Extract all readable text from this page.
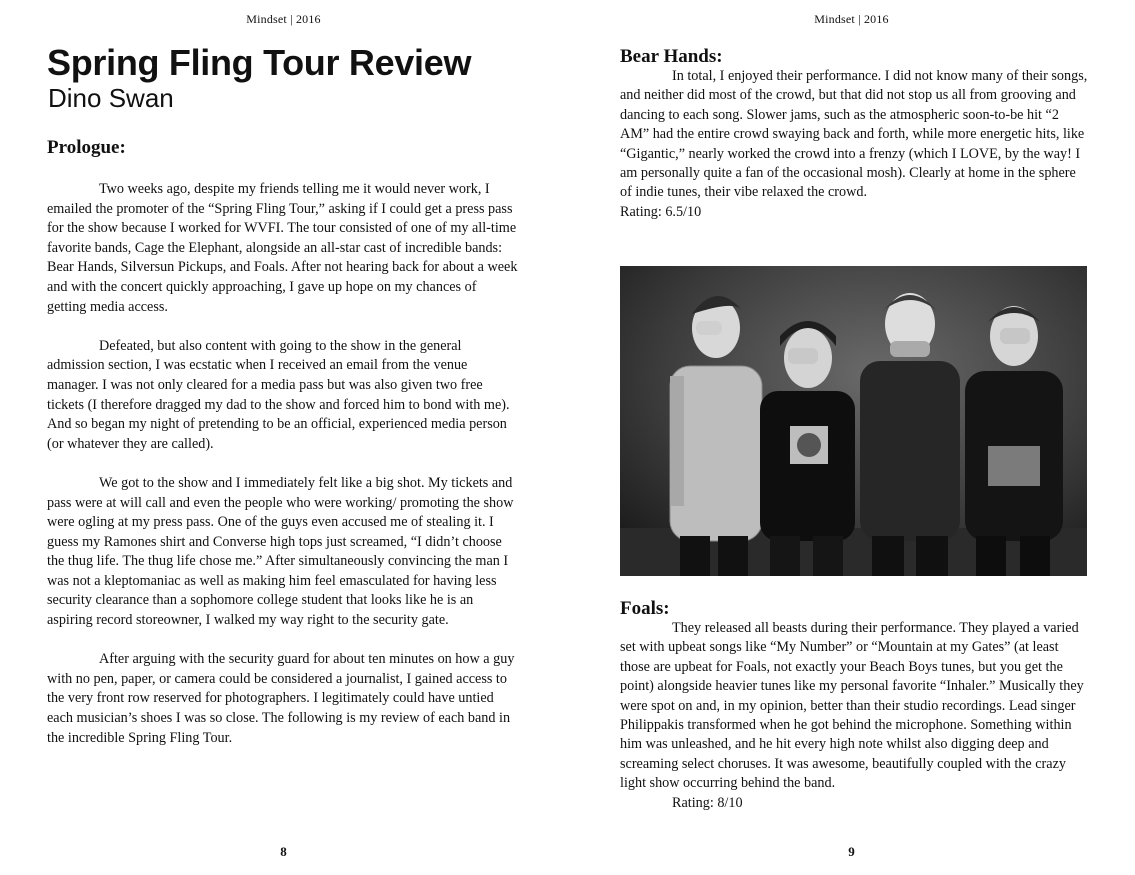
Mindset | 2016
Spring Fling Tour Review
Dino Swan
Prologue:

Two weeks ago, despite my friends telling me it would never work, I emailed the promoter of the “Spring Fling Tour,” asking if I could get a press pass for the show because I worked for WVFI. The tour consisted of one of my all-time favorite bands, Cage the Elephant, alongside an all-star cast of incredible bands: Bear Hands, Silversun Pickups, and Foals. After not hearing back for about a week and with the concert quickly approaching, I gave up hope on my chances of getting media access.

Defeated, but also content with going to the show in the general admission section, I was ecstatic when I received an email from the venue manager. I was not only cleared for a media pass but was also given two free tickets (I therefore dragged my dad to the show and forced him to bond with me). And so began my night of pretending to be an official, experienced media person (or whatever they are called).

We got to the show and I immediately felt like a big shot. My tickets and pass were at will call and even the people who were working/ promoting the show were ogling at my press pass. One of the guys even accused me of stealing it. I guess my Ramones shirt and Converse high tops just screamed, “I didn’t choose the thug life. The thug life chose me.” After simultaneously convincing the man I was not a kleptomaniac as well as making him feel emasculated for having less security clearance than a sophomore college student that looks like he is an aspiring record storeowner, I walked my way right to the security gate.

After arguing with the security guard for about ten minutes on how a guy with no pen, paper, or camera could be considered a journalist, I gained access to the very front row reserved for photographers. I legitimately could have untied each musician’s shoes I was so close. The following is my review of each band in the incredible Spring Fling Tour.

8
Mindset | 2016
Bear Hands:

In total, I enjoyed their performance. I did not know many of their songs, and neither did most of the crowd, but that did not stop us all from grooving and dancing to each song. Slower jams, such as the atmospheric soon-to-be hit “2 AM” had the entire crowd swaying back and forth, while more energetic hits, like “Gigantic,” nearly worked the crowd into a frenzy (which I LOVE, by the way! I am personally quite a fan of the occasional mosh). Clearly at home in the sphere of indie tunes, their vibe relaxed the crowd.

Rating: 6.5/10
Foals:

They released all beasts during their performance. They played a varied set with upbeat songs like “My Number” or “Mountain at my Gates” (at least those are upbeat for Foals, not exactly your Beach Boys tunes, but you get the point) alongside heavier tunes like my personal favorite “Inhaler.” Musically they were spot on and, in my opinion, better than their studio recordings. Lead singer Philippakis transformed when he got behind the microphone. Something within him was unleashed, and he hit every high note whilst also digging deep and screaming select choruses. It was awesome, beautifully coupled with the crazy light show occurring behind the band.

Rating: 8/10
9
